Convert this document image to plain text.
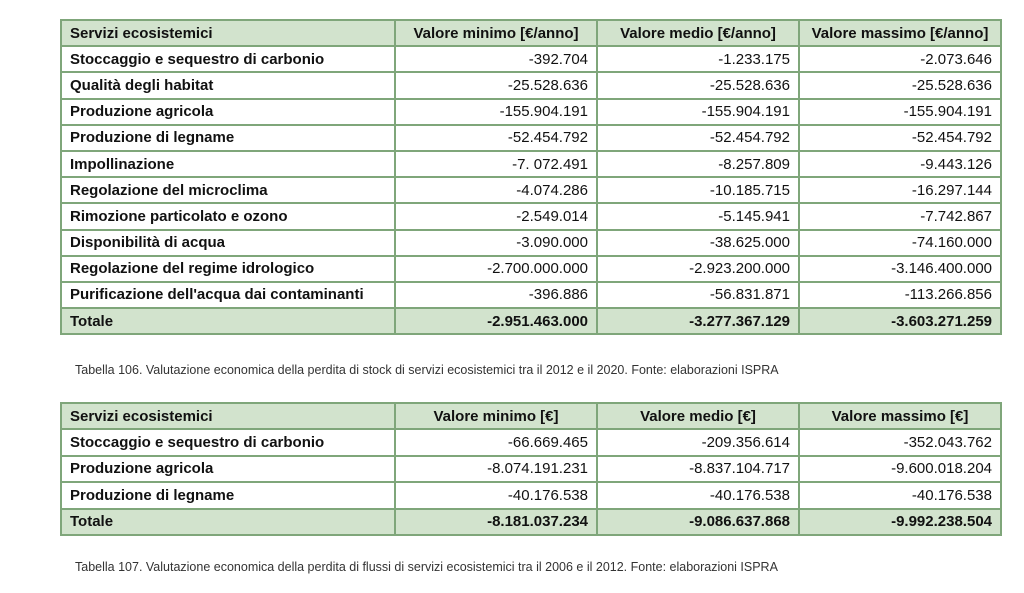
Servizi ecosistemici	Valore minimo [€/anno]	Valore medio [€/anno]	Valore massimo [€/anno]
Stoccaggio e sequestro di carbonio	-392.704	-1.233.175	-2.073.646
Qualità degli habitat	-25.528.636	-25.528.636	-25.528.636
Produzione agricola	-155.904.191	-155.904.191	-155.904.191
Produzione di legname	-52.454.792	-52.454.792	-52.454.792
Impollinazione	-7. 072.491	-8.257.809	-9.443.126
Regolazione del microclima	-4.074.286	-10.185.715	-16.297.144
Rimozione particolato e ozono	-2.549.014	-5.145.941	-7.742.867
Disponibilità di acqua	-3.090.000	-38.625.000	-74.160.000
Regolazione del regime idrologico	-2.700.000.000	-2.923.200.000	-3.146.400.000
Purificazione dell'acqua dai contaminanti	-396.886	-56.831.871	-113.266.856
Totale	-2.951.463.000	-3.277.367.129	-3.603.271.259
Tabella 106. Valutazione economica della perdita di stock di servizi ecosistemici tra il 2012 e il 2020. Fonte: elaborazioni ISPRA
Servizi ecosistemici	Valore minimo [€]	Valore medio [€]	Valore massimo [€]
Stoccaggio e sequestro di carbonio	-66.669.465	-209.356.614	-352.043.762
Produzione agricola	-8.074.191.231	-8.837.104.717	-9.600.018.204
Produzione di legname	-40.176.538	-40.176.538	-40.176.538
Totale	-8.181.037.234	-9.086.637.868	-9.992.238.504
Tabella 107. Valutazione economica della perdita di flussi di servizi ecosistemici tra il 2006 e il 2012. Fonte: elaborazioni ISPRA
